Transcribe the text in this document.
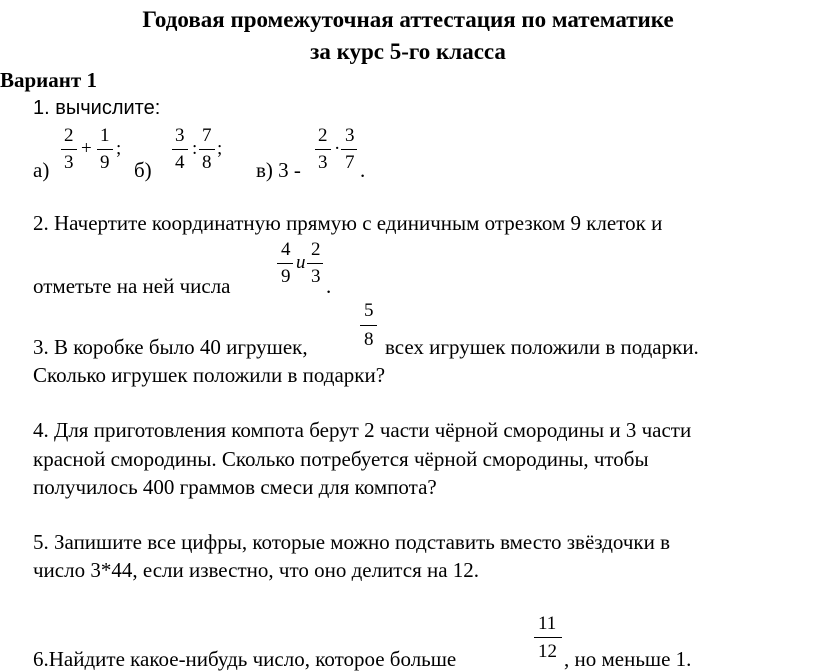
Годовая промежуточная аттестация по математике
за курс 5-го класса
Вариант 1
1. вычислите:
а)
2
3
+
1
9
;
б)
3
4
:
7
8
;
в) 3 -
2
3
·
3
7 .
2. Начертите координатную прямую с единичным отрезком 9 клеток и
отметьте на ней числа
4
9
и
2
3 .
3. В коробке было 40 игрушек,
5
8 всех игрушек положили в подарки.
Сколько игрушек положили в подарки?
4. Для приготовления компота берут 2 части чёрной смородины и 3 части
красной смородины. Сколько потребуется чёрной смородины, чтобы
получилось 400 граммов смеси для компота?
5. Запишите все цифры, которые можно подставить вместо звёздочки в
число 3*44, если известно, что оно делится на 12.
6.Найдите какое-нибудь число, которое больше
11
12 , но меньше 1.
